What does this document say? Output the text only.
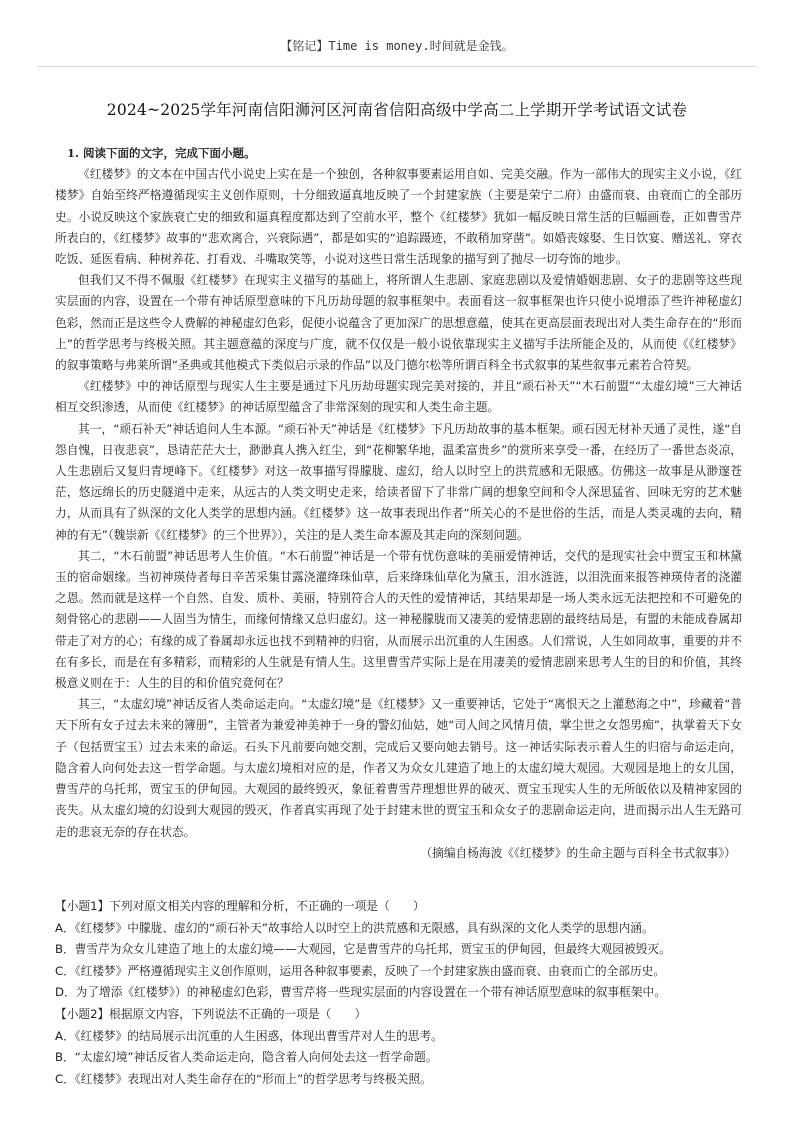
【铭记】Time is money.时间就是金钱。
2024~2025学年河南信阳浉河区河南省信阳高级中学高二上学期开学考试语文试卷
1. 阅读下面的文字，完成下面小题。

《红楼梦》的文本在中国古代小说史上实在是一个独创，各种叙事要素运用自如、完美交融。作为一部伟大的现实主义小说，《红楼梦》自始至终严格遵循现实主义创作原则，十分细致逼真地反映了一个封建家族（主要是荣宁二府）由盛而衰、由衰而亡的全部历史。小说反映这个家族衰亡史的细致和逼真程度都达到了空前水平，整个《红楼梦》犹如一幅反映日常生活的巨幅画卷，正如曹雪芹所表白的，《红楼梦》故事的“悲欢离合，兴衰际遇”，都是如实的“追踪蹑迹，不敢稍加穿凿”。如婚丧嫁娶、生日饮宴、赠送礼、穿衣吃饭、延医看病、种树养花、打看戏、斗嘴取笑等，小说对这些日常生活现象的描写到了抛尽一切夸饰的地步。

但我们又不得不佩服《红楼梦》在现实主义描写的基础上，将所谓人生悲剧、家庭悲剧以及爱情婚姻悲剧、女子的悲剧等这些现实层面的内容，设置在一个带有神话原型意味的下凡历劫母题的叙事框架中。表面看这一叙事框架也许只使小说增添了些许神秘虚幻色彩，然而正是这些令人费解的神秘虚幻色彩，促使小说蕴含了更加深广的思想意蕴，使其在更高层面表现出对人类生命存在的“形而上”的哲学思考与终极关照。其主题意蕴的深度与广度，就不仅仅是一般小说依靠现实主义描写手法所能企及的，从而使《《红楼梦》的叙事策略与弗莱所谓“圣典或其他模式下类似启示录的作品”以及门德尔松等所谓百科全书式叙事的某些叙事元素若合符契。

《红楼梦》中的神话原型与现实人生主要是通过下凡历劫母题实现完美对接的，并且“顽石补天”“木石前盟”“太虚幻境”三大神话相互交织渗透，从而使《红楼梦》的神话原型蕴含了非常深刻的现实和人类生命主题。

其一，“顽石补天”神话追问人生本源。“顽石补天”神话是《红楼梦》下凡历劫故事的基本框架。顽石因无材补天通了灵性，遂“自怨自愧，日夜悲哀”，恳请茫茫大士，渺渺真人携入红尘，到“花柳繁华地，温柔富贵乡”的赏所来享受一番，在经历了一番世态炎凉，人生悲剧后又复归青埂峰下。《红楼梦》对这一故事描写得朦胧、虚幻，给人以时空上的洪荒感和无限感。仿佛这一故事是从渺邃苍茫，悠远绵长的历史隧道中走来，从远古的人类文明史走来，给读者留下了非常广阔的想象空间和令人深思猛省、回味无穷的艺术魅力，从而具有了纵深的文化人类学的思想内涵。《红楼梦》这一故事表现出作者“所关心的不是世俗的生活，而是人类灵魂的去向，精神的有无”（魏崇新《《红楼梦》的三个世界》），关注的是人类生命本源及其走向的深刻问题。

其二，“木石前盟”神话思考人生价值。“木石前盟”神话是一个带有忧伤意味的美丽爱情神话，交代的是现实社会中贾宝玉和林黛玉的宿命姻缘。当初神瑛侍者每日辛苦采集甘露浇灌绛珠仙草，后来绛珠仙草化为黛玉，泪水涟涟，以泪洗面来报答神瑛侍者的浇灌之恩。然而就是这样一个自然、自发、质朴、美丽，特别符合人的天性的爱情神话，其结果却是一场人类永远无法把控和不可避免的刻骨铭心的悲剧——人固当为情生，而缘何情缘又总归虚幻。这一神秘朦胧而又凄美的爱情悲剧的最终结局是，有盟的未能成眷属却带走了对方的心；有缘的成了眷属却永远也找不到精神的归宿，从而展示出沉重的人生困惑。人们常说，人生如同故事，重要的并不在有多长，而是在有多精彩，而精彩的人生就是有情人生。这里曹雪芹实际上是在用凄美的爱情悲剧来思考人生的目的和价值，其终极意义则在于：人生的目的和价值究竟何在？

其三，“太虚幻境”神话反省人类命运走向。“太虚幻境”是《红楼梦》又一重要神话，它处于“离恨天之上灌愁海之中”，珍藏着“普天下所有女子过去未来的簿册”，主管者为兼爱神美神于一身的警幻仙姑，她“司人间之风情月债，掌尘世之女怨男痴”，执掌着天下女子（包括贾宝玉）过去未来的命运。石头下凡前要向她交割，完成后又要向她去销号。这一神话实际表示着人生的归宿与命运走向，隐含着人向何处去这一哲学命题。与太虚幻境相对应的是，作者又为众女儿建造了地上的太虚幻境大观园。大观园是地上的女儿国，曹雪芹的乌托邦，贾宝玉的伊甸园。大观园的最终毁灭，象征着曹雪芹理想世界的破灭、贾宝玉现实人生的无所皈依以及精神家园的丧失。从太虚幻境的幻设到大观园的毁灭，作者真实再现了处于封建末世的贾宝玉和众女子的悲剧命运走向，进而揭示出人生无路可走的悲哀无奈的存在状态。

（摘编自杨海波《《红楼梦》的生命主题与百科全书式叙事》）

【小题1】下列对原文相关内容的理解和分析，不正确的一项是（　　）

A．《红楼梦》中朦胧、虚幻的“顽石补天”故事给人以时空上的洪荒感和无限感，具有纵深的文化人类学的思想内涵。

B．曹雪芹为众女儿建造了地上的太虚幻境——大观园，它是曹雪芹的乌托邦，贾宝玉的伊甸园，但最终大观园被毁灭。

C．《红楼梦》严格遵循现实主义创作原则，运用各种叙事要素，反映了一个封建家族由盛而衰、由衰而亡的全部历史。

D．为了增添《红楼梦》）的神秘虚幻色彩，曹雪芹将一些现实层面的内容设置在一个带有神话原型意味的叙事框架中。

【小题2】根据原文内容，下列说法不正确的一项是（　　）

A．《红楼梦》的结局展示出沉重的人生困惑，体现出曹雪芹对人生的思考。

B．“太虚幻境”神话反省人类命运走向，隐含着人向何处去这一哲学命题。

C．《红楼梦》表现出对人类生命存在的“形而上”的哲学思考与终极关照。
